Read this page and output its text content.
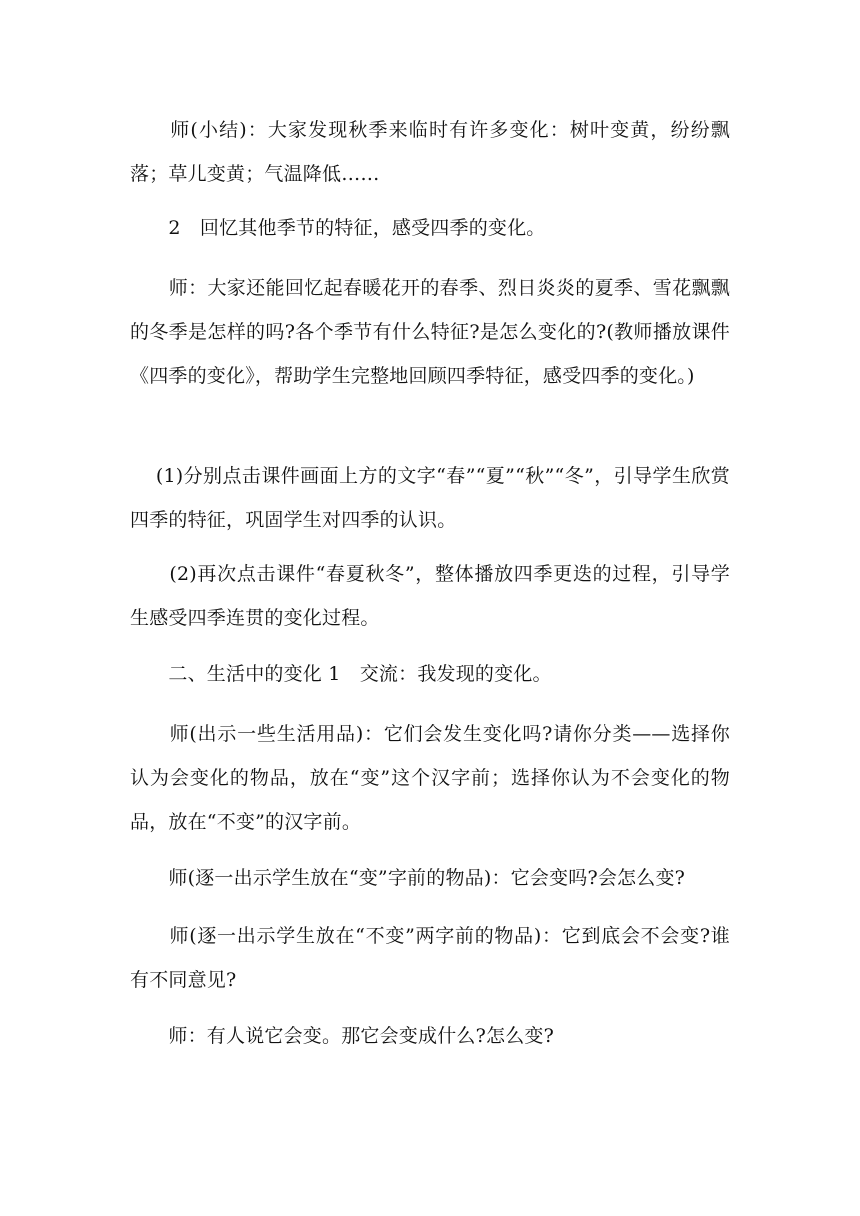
　　师(小结)：大家发现秋季来临时有许多变化：树叶变黄，纷纷飘落；草儿变黄；气温降低……
　　2　回忆其他季节的特征，感受四季的变化。
　　师：大家还能回忆起春暖花开的春季、烈日炎炎的夏季、雪花飘飘的冬季是怎样的吗?各个季节有什么特征?是怎么变化的?(教师播放课件《四季的变化》，帮助学生完整地回顾四季特征，感受四季的变化。)
　 (1)分别点击课件画面上方的文字“春”“夏”“秋”“冬”，引导学生欣赏四季的特征，巩固学生对四季的认识。
　　(2)再次点击课件“春夏秋冬”，整体播放四季更迭的过程，引导学生感受四季连贯的变化过程。
　　二、生活中的变化 1　交流：我发现的变化。
　　师(出示一些生活用品)：它们会发生变化吗?请你分类——选择你认为会变化的物品，放在“变”这个汉字前；选择你认为不会变化的物品，放在“不变”的汉字前。
　　师(逐一出示学生放在“变”字前的物品)：它会变吗?会怎么变?
　　师(逐一出示学生放在“不变”两字前的物品)：它到底会不会变?谁有不同意见?
　　师：有人说它会变。那它会变成什么?怎么变?
